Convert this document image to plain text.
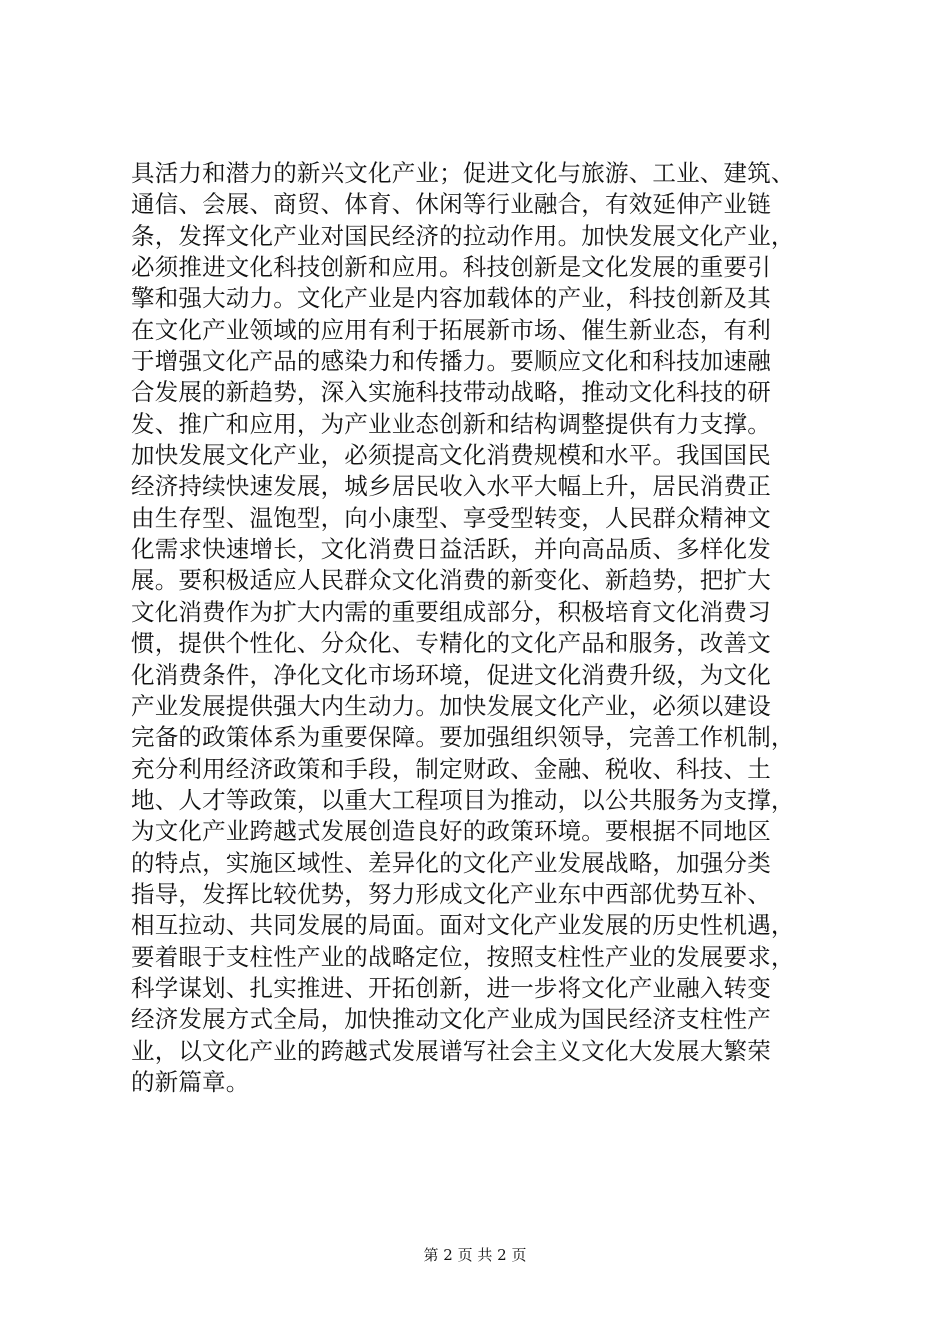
具活力和潜力的新兴文化产业；促进文化与旅游、工业、建筑、
通信、会展、商贸、体育、休闲等行业融合，有效延伸产业链
条，发挥文化产业对国民经济的拉动作用。加快发展文化产业，
必须推进文化科技创新和应用。科技创新是文化发展的重要引
擎和强大动力。文化产业是内容加载体的产业，科技创新及其
在文化产业领域的应用有利于拓展新市场、催生新业态，有利
于增强文化产品的感染力和传播力。要顺应文化和科技加速融
合发展的新趋势，深入实施科技带动战略，推动文化科技的研
发、推广和应用，为产业业态创新和结构调整提供有力支撑。
加快发展文化产业，必须提高文化消费规模和水平。我国国民
经济持续快速发展，城乡居民收入水平大幅上升，居民消费正
由生存型、温饱型，向小康型、享受型转变，人民群众精神文
化需求快速增长，文化消费日益活跃，并向高品质、多样化发
展。要积极适应人民群众文化消费的新变化、新趋势，把扩大
文化消费作为扩大内需的重要组成部分，积极培育文化消费习
惯，提供个性化、分众化、专精化的文化产品和服务，改善文
化消费条件，净化文化市场环境，促进文化消费升级，为文化
产业发展提供强大内生动力。加快发展文化产业，必须以建设
完备的政策体系为重要保障。要加强组织领导，完善工作机制，
充分利用经济政策和手段，制定财政、金融、税收、科技、土
地、人才等政策，以重大工程项目为推动，以公共服务为支撑，
为文化产业跨越式发展创造良好的政策环境。要根据不同地区
的特点，实施区域性、差异化的文化产业发展战略，加强分类
指导，发挥比较优势，努力形成文化产业东中西部优势互补、
相互拉动、共同发展的局面。面对文化产业发展的历史性机遇，
要着眼于支柱性产业的战略定位，按照支柱性产业的发展要求，
科学谋划、扎实推进、开拓创新，进一步将文化产业融入转变
经济发展方式全局，加快推动文化产业成为国民经济支柱性产
业，以文化产业的跨越式发展谱写社会主义文化大发展大繁荣
的新篇章。
第 2 页 共 2 页
